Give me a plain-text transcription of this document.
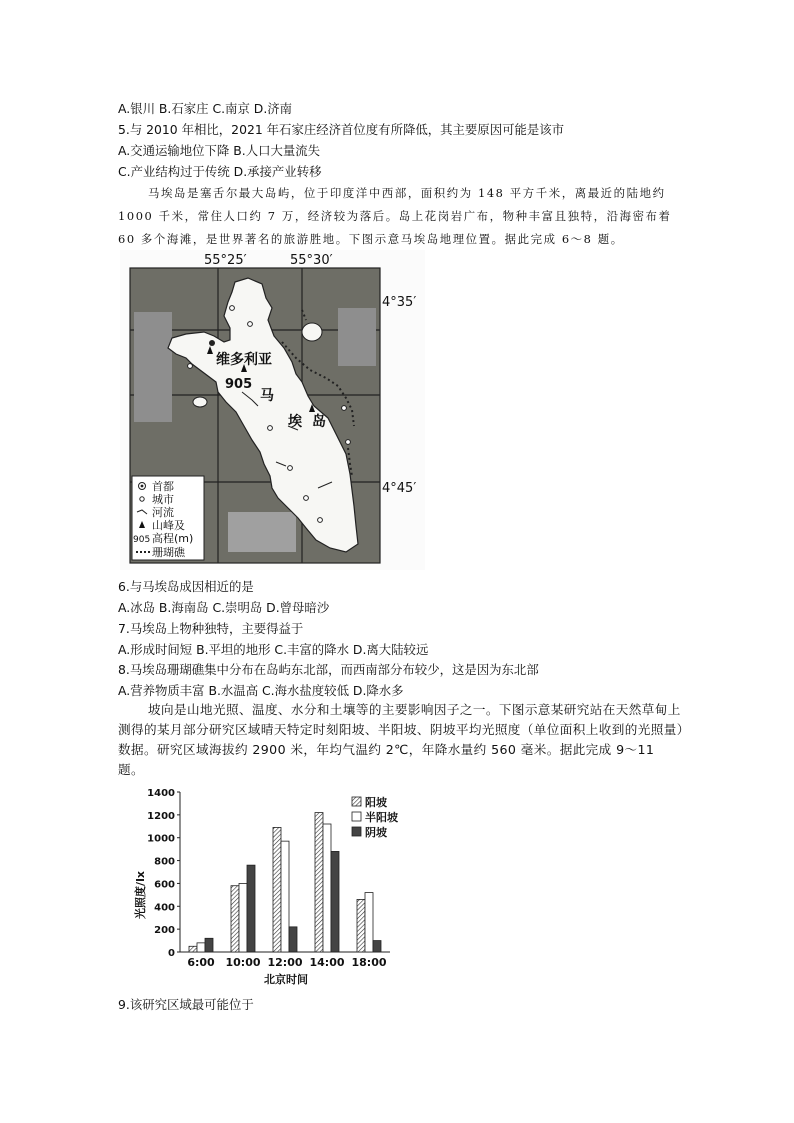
A.银川 B.石家庄 C.南京 D.济南
5.与 2010 年相比，2021 年石家庄经济首位度有所降低，其主要原因可能是该市
A.交通运输地位下降 B.人口大量流失
C.产业结构过于传统 D.承接产业转移
马埃岛是塞舌尔最大岛屿，位于印度洋中西部，面积约为 148 平方千米，离最近的陆地约 1000 千米，常住人口约 7 万，经济较为落后。岛上花岗岩广布，物种丰富且独特，沿海密布着 60 多个海滩，是世界著名的旅游胜地。下图示意马埃岛地理位置。据此完成 6～8 题。
维多利亚
905
马
埃 岛
55°25′	55°30′
4°35′
4°45′
首都
城市
河流
山峰及
905 高程(m)
珊瑚礁
6.与马埃岛成因相近的是
A.冰岛 B.海南岛 C.崇明岛 D.曾母暗沙
7.马埃岛上物种独特，主要得益于
A.形成时间短 B.平坦的地形 C.丰富的降水 D.离大陆较远
8.马埃岛珊瑚礁集中分布在岛屿东北部，而西南部分布较少，这是因为东北部
A.营养物质丰富 B.水温高 C.海水盐度较低 D.降水多
坡向是山地光照、温度、水分和土壤等的主要影响因子之一。下图示意某研究站在天然草甸上测得的某月部分研究区域晴天特定时刻阳坡、半阳坡、阴坡平均光照度（单位面积上收到的光照量）数据。研究区域海拔约 2900 米，年均气温约 2℃，年降水量约 560 毫米。据此完成 9～11 题。
0
200
400
600
800
1000
1200
1400
6:00 10:00 12:00 14:00 18:00
阳坡
半阳坡
阴坡
光照度/lx
北京时间
9.该研究区域最可能位于
